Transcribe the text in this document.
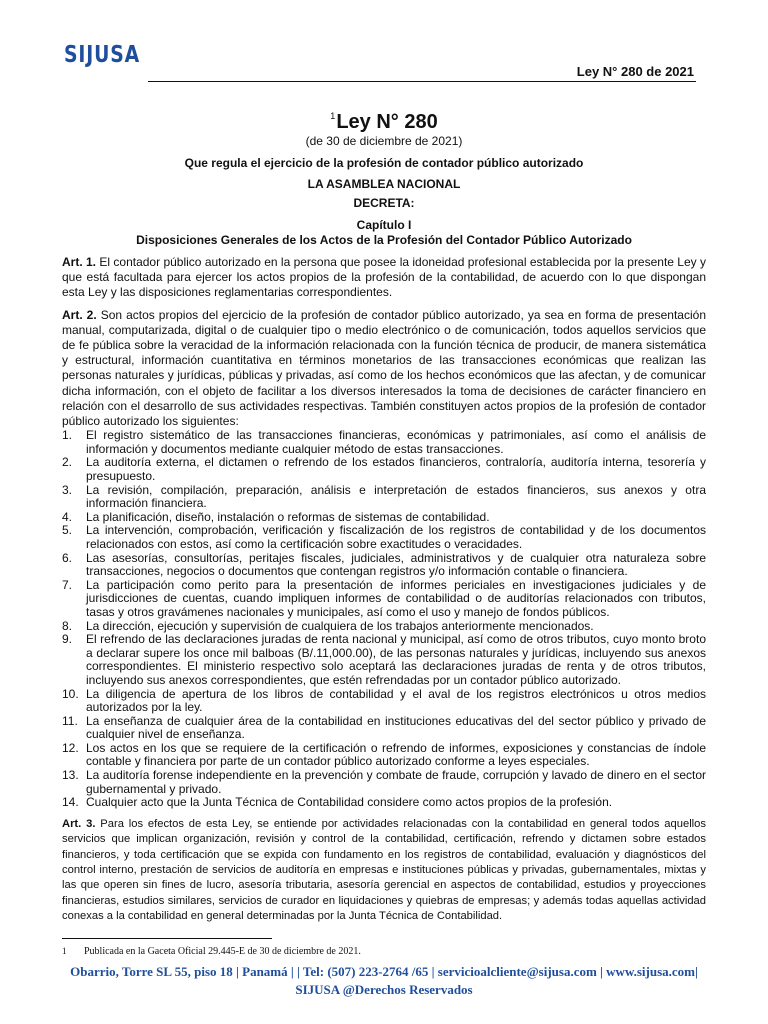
SIJUSA
Ley N° 280 de 2021
$^1$Ley N° 280
(de 30 de diciembre de 2021)
Que regula el ejercicio de la profesión de contador público autorizado
LA ASAMBLEA NACIONAL
DECRETA:
Capítulo I
Disposiciones Generales de los Actos de la Profesión del Contador Público Autorizado
Art. 1. El contador público autorizado en la persona que posee la idoneidad profesional establecida por la presente Ley y que está facultada para ejercer los actos propios de la profesión de la contabilidad, de acuerdo con lo que dispongan esta Ley y las disposiciones reglamentarias correspondientes.
Art. 2. Son actos propios del ejercicio de la profesión de contador público autorizado, ya sea en forma de presentación manual, computarizada, digital o de cualquier tipo o medio electrónico o de comunicación, todos aquellos servicios que de fe pública sobre la veracidad de la información relacionada con la función técnica de producir, de manera sistemática y estructural, información cuantitativa en términos monetarios de las transacciones económicas que realizan las personas naturales y jurídicas, públicas y privadas, así como de los hechos económicos que las afectan, y de comunicar dicha información, con el objeto de facilitar a los diversos interesados la toma de decisiones de carácter financiero en relación con el desarrollo de sus actividades respectivas. También constituyen actos propios de la profesión de contador público autorizado los siguientes:
1.	El registro sistemático de las transacciones financieras, económicas y patrimoniales, así como el análisis de información y documentos mediante cualquier método de estas transacciones.
2.	La auditoría externa, el dictamen o refrendo de los estados financieros, contraloría, auditoría interna, tesorería y presupuesto.
3.	La revisión, compilación, preparación, análisis e interpretación de estados financieros, sus anexos y otra información financiera.
4.	La planificación, diseño, instalación o reformas de sistemas de contabilidad.
5.	La intervención, comprobación, verificación y fiscalización de los registros de contabilidad y de los documentos relacionados con estos, así como la certificación sobre exactitudes o veracidades.
6.	Las asesorías, consultorías, peritajes fiscales, judiciales, administrativos y de cualquier otra naturaleza sobre transacciones, negocios o documentos que contengan registros y/o información contable o financiera.
7.	La participación como perito para la presentación de informes periciales en investigaciones judiciales y de jurisdicciones de cuentas, cuando impliquen informes de contabilidad o de auditorías relacionados con tributos, tasas y otros gravámenes nacionales y municipales, así como el uso y manejo de fondos públicos.
8.	La dirección, ejecución y supervisión de cualquiera de los trabajos anteriormente mencionados.
9.	El refrendo de las declaraciones juradas de renta nacional y municipal, así como de otros tributos, cuyo monto broto a declarar supere los once mil balboas (B/.11,000.00), de las personas naturales y jurídicas, incluyendo sus anexos correspondientes. El ministerio respectivo solo aceptará las declaraciones juradas de renta y de otros tributos, incluyendo sus anexos correspondientes, que estén refrendadas por un contador público autorizado.
10. La diligencia de apertura de los libros de contabilidad y el aval de los registros electrónicos u otros medios autorizados por la ley.
11. La enseñanza de cualquier área de la contabilidad en instituciones educativas del del sector público y privado de cualquier nivel de enseñanza.
12. Los actos en los que se requiere de la certificación o refrendo de informes, exposiciones y constancias de índole contable y financiera por parte de un contador público autorizado conforme a leyes especiales.
13. La auditoría forense independiente en la prevención y combate de fraude, corrupción y lavado de dinero en el sector gubernamental y privado.
14. Cualquier acto que la Junta Técnica de Contabilidad considere como actos propios de la profesión.
Art. 3. Para los efectos de esta Ley, se entiende por actividades relacionadas con la contabilidad en general todos aquellos servicios que implican organización, revisión y control de la contabilidad, certificación, refrendo y dictamen sobre estados financieros, y toda certificación que se expida con fundamento en los registros de contabilidad, evaluación y diagnósticos del control interno, prestación de servicios de auditoría en empresas e instituciones públicas y privadas, gubernamentales, mixtas y las que operen sin fines de lucro, asesoría tributaria, asesoría gerencial en aspectos de contabilidad, estudios y proyecciones financieras, estudios similares, servicios de curador en liquidaciones y quiebras de empresas; y además todas aquellas actividad conexas a la contabilidad en general determinadas por la Junta Técnica de Contabilidad.
1 Publicada en la Gaceta Oficial 29.445-E de 30 de diciembre de 2021.
Obarrio, Torre SL 55, piso 18 | Panamá | | Tel: (507) 223-2764 /65 | servicioalcliente@sijusa.com | www.sijusa.com|
SIJUSA @Derechos Reservados
